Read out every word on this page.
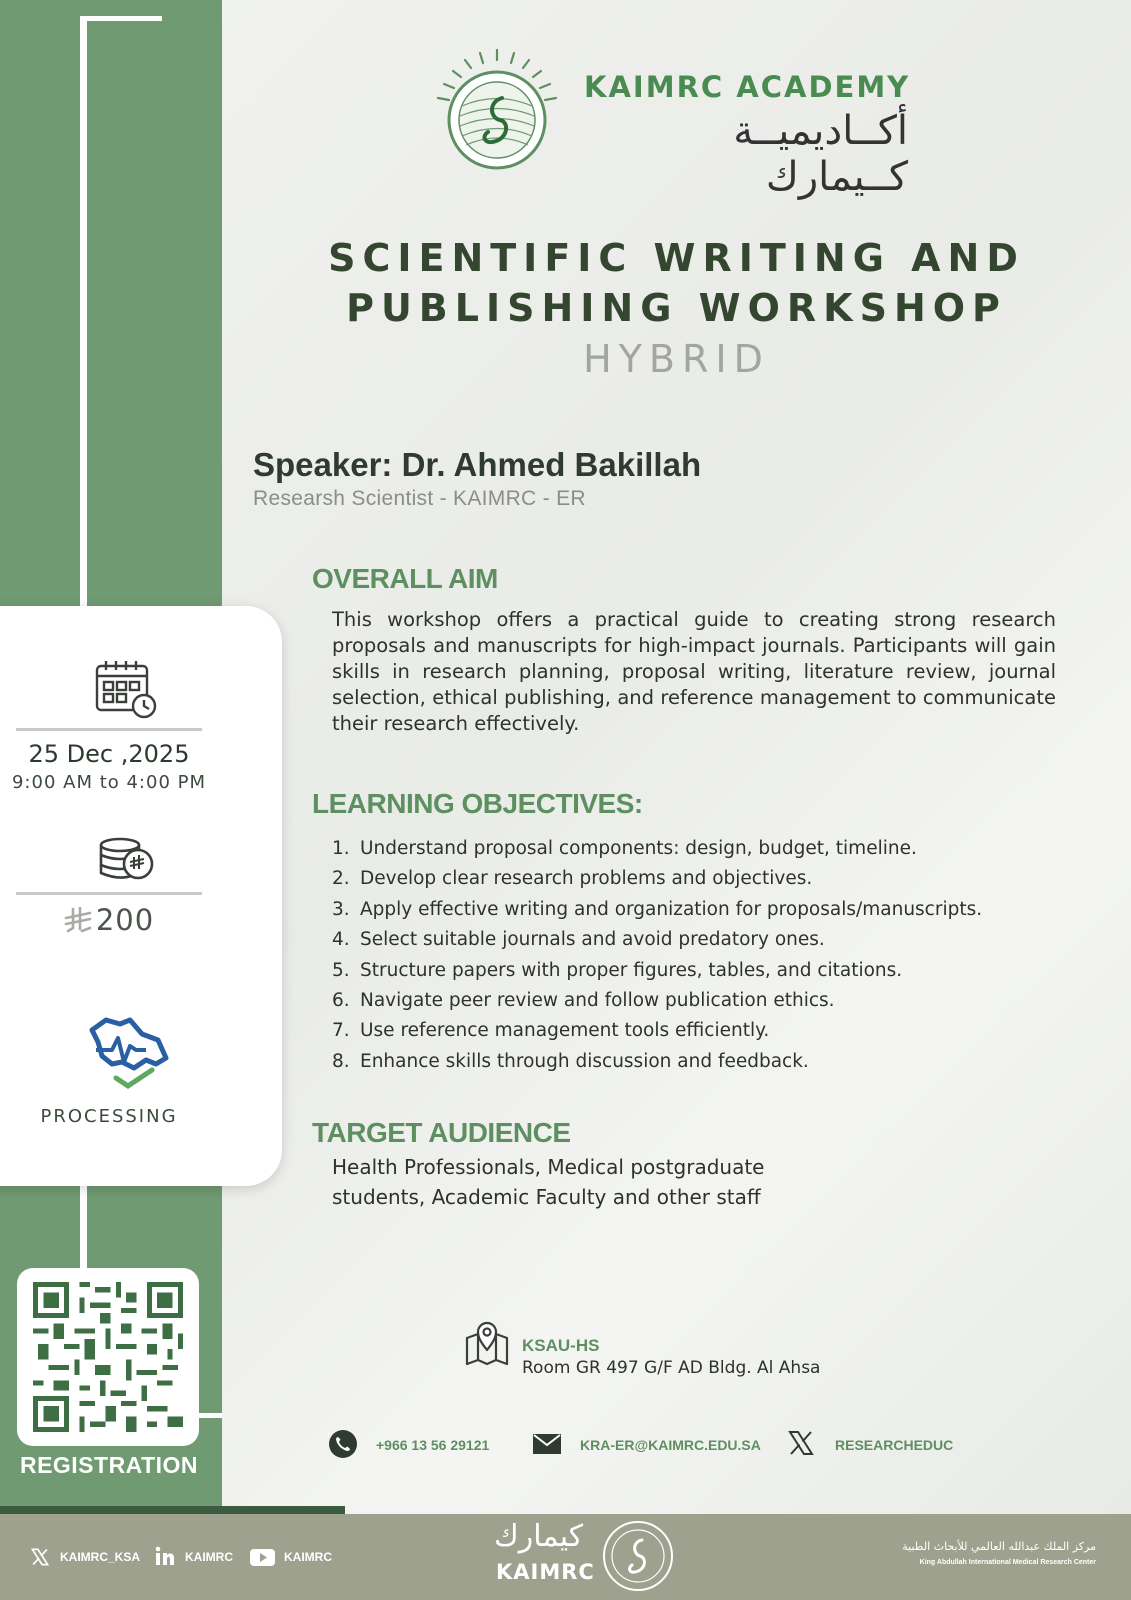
KAIMRC ACADEMY
أكــاديميــة كــيمارك
SCIENTIFIC WRITING AND
PUBLISHING WORKSHOP
HYBRID
Speaker: Dr. Ahmed Bakillah
Researsh Scientist - KAIMRC - ER
OVERALL AIM
This workshop offers a practical guide to creating strong research proposals and manuscripts for high-impact journals. Participants will gain skills in research planning, proposal writing, literature review, journal selection, ethical publishing, and reference management to communicate their research effectively.
LEARNING OBJECTIVES:
1. Understand proposal components: design, budget, timeline.
2. Develop clear research problems and objectives.
3. Apply effective writing and organization for proposals/manuscripts.
4. Select suitable journals and avoid predatory ones.
5. Structure papers with proper figures, tables, and citations.
6. Navigate peer review and follow publication ethics.
7. Use reference management tools efficiently.
8. Enhance skills through discussion and feedback.
TARGET AUDIENCE
Health Professionals, Medical postgraduate
students, Academic Faculty and other staff
25 Dec ,2025
9:00 AM to 4:00 PM
200
PROCESSING
REGISTRATION
KSAU-HS
Room GR 497 G/F AD Bldg. Al Ahsa
+966 13 56 29121	KRA-ER@KAIMRC.EDU.SA	RESEARCHEDUC
KAIMRC_KSA	KAIMRC	KAIMRC
كيمارك
KAIMRC
مركز الملك عبدالله العالمي للأبحاث الطبية
King Abdullah International Medical Research Center
